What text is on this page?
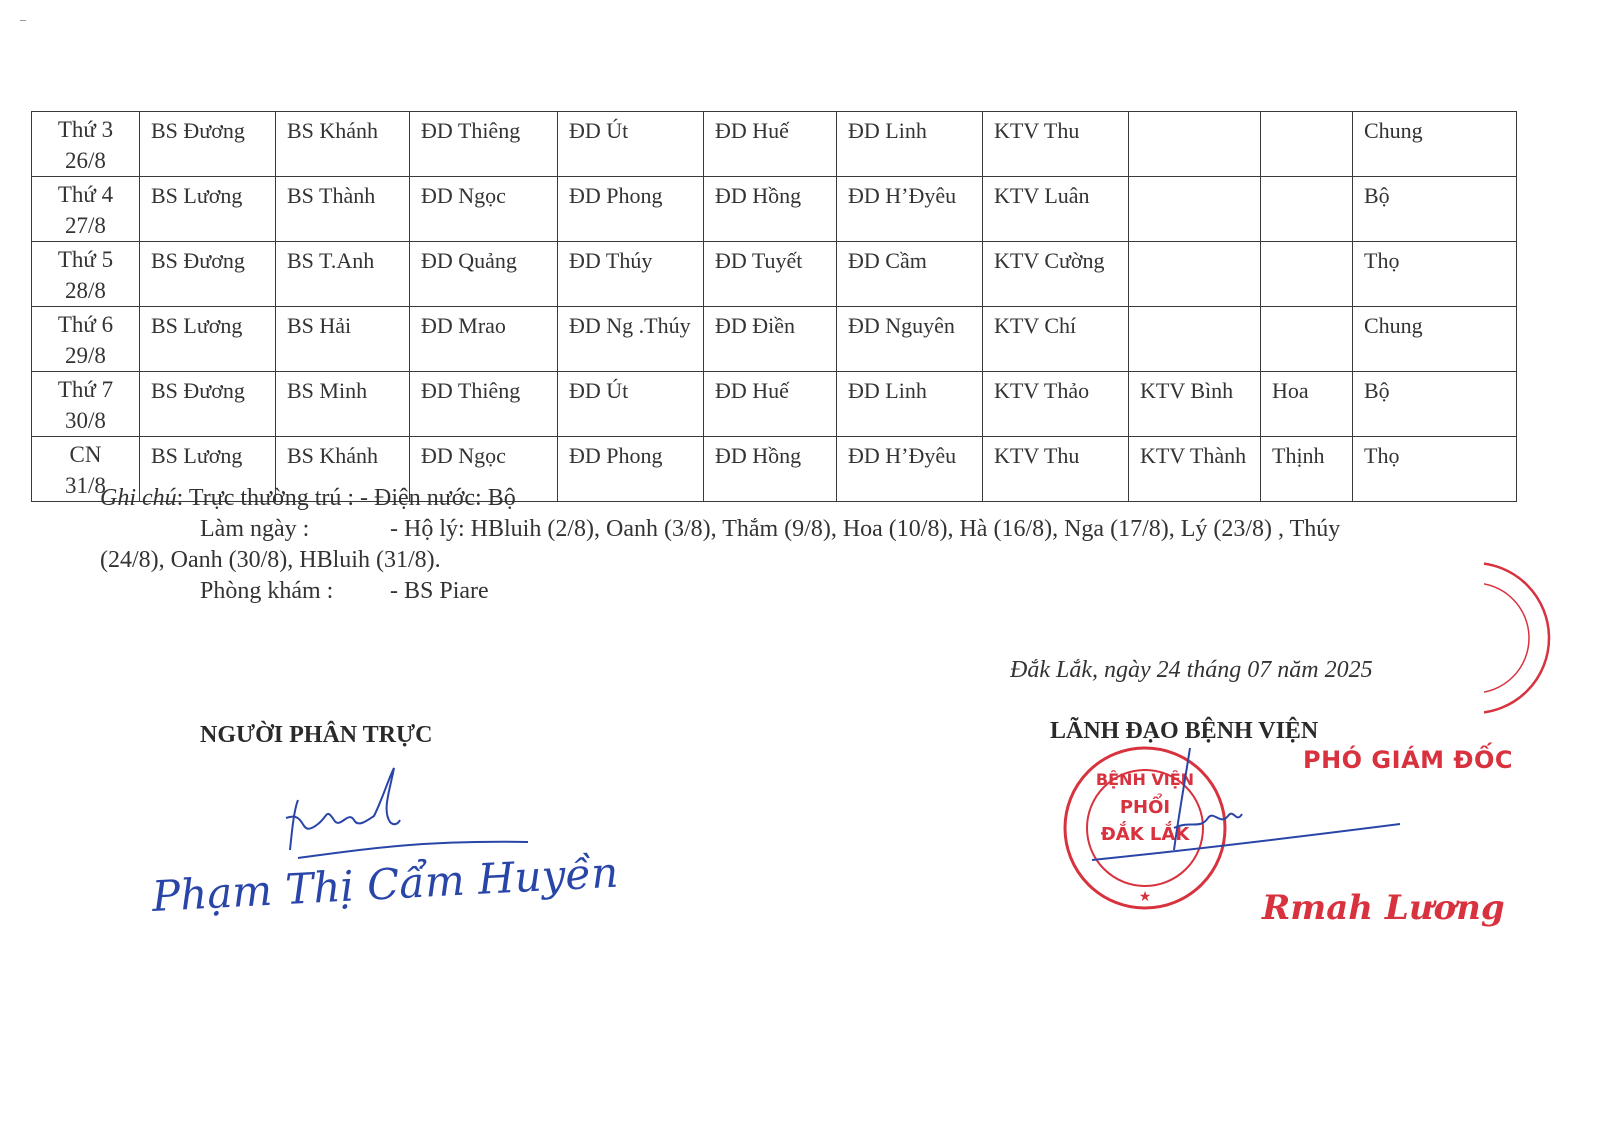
Thứ 3
26/8	BS Đương	BS Khánh	ĐD Thiêng	ĐD Út	ĐD Huế	ĐD Linh	KTV Thu			Chung

Thứ 4
27/8	BS Lương	BS Thành	ĐD Ngọc	ĐD Phong	ĐD Hồng	ĐD H’Đyêu	KTV Luân			Bộ

Thứ 5
28/8	BS Đương	BS T.Anh	ĐD Quảng	ĐD Thúy	ĐD Tuyết	ĐD Cầm	KTV Cường			Thọ

Thứ 6
29/8	BS Lương	BS Hải	ĐD Mrao	ĐD Ng .Thúy	ĐD Điền	ĐD Nguyên	KTV Chí			Chung

Thứ 7
30/8	BS Đương	BS Minh	ĐD Thiêng	ĐD Út	ĐD Huế	ĐD Linh	KTV Thảo	KTV Bình	Hoa	Bộ

CN
31/8	BS Lương	BS Khánh	ĐD Ngọc	ĐD Phong	ĐD Hồng	ĐD H’Đyêu	KTV Thu	KTV Thành	Thịnh	Thọ
Ghi chú: Trực thường trú : - Điện nước: Bộ
Làm ngày :	- Hộ lý: HBluih (2/8), Oanh (3/8), Thắm (9/8), Hoa (10/8), Hà (16/8), Nga (17/8), Lý (23/8) , Thúy
(24/8), Oanh (30/8), HBluih (31/8).
Phòng khám : - BS Piare
Đắk Lắk, ngày 24 tháng 07 năm 2025
NGƯỜI PHÂN TRỰC
Phạm Thị Cẩm Huyền
LÃNH ĐẠO BỆNH VIỆN
BỆNH VIỆN
PHỔI
ĐẮK LẮK
★
PHÓ GIÁM ĐỐC
Rmah Lương
